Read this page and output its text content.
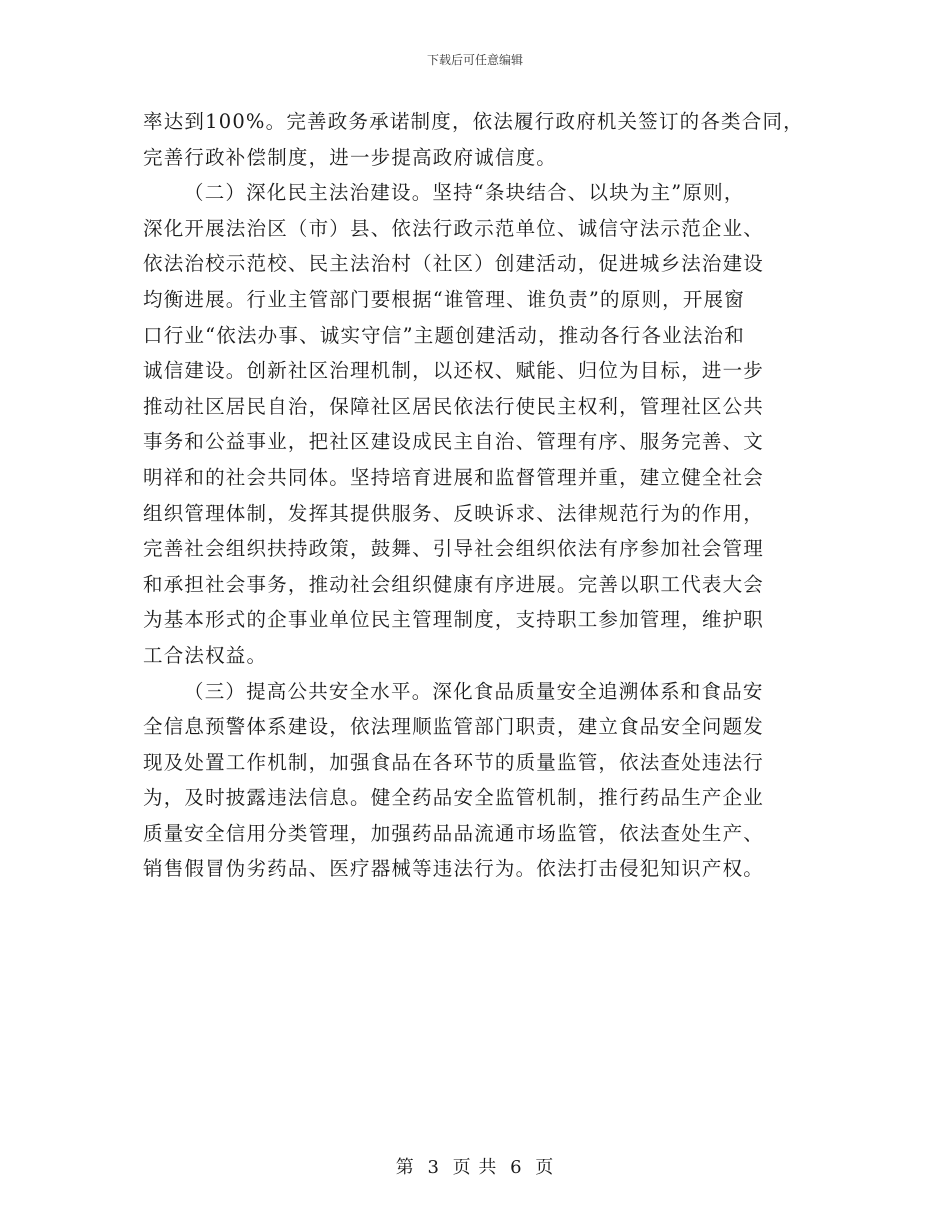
下载后可任意编辑
率达到100%。完善政务承诺制度，依法履行政府机关签订的各类合同，
完善行政补偿制度，进一步提高政府诚信度。
（二）深化民主法治建设。坚持“条块结合、以块为主”原则，
深化开展法治区（市）县、依法行政示范单位、诚信守法示范企业、
依法治校示范校、民主法治村（社区）创建活动，促进城乡法治建设
均衡进展。行业主管部门要根据“谁管理、谁负责”的原则，开展窗
口行业“依法办事、诚实守信”主题创建活动，推动各行各业法治和
诚信建设。创新社区治理机制，以还权、赋能、归位为目标，进一步
推动社区居民自治，保障社区居民依法行使民主权利，管理社区公共
事务和公益事业，把社区建设成民主自治、管理有序、服务完善、文
明祥和的社会共同体。坚持培育进展和监督管理并重，建立健全社会
组织管理体制，发挥其提供服务、反映诉求、法律规范行为的作用，
完善社会组织扶持政策，鼓舞、引导社会组织依法有序参加社会管理
和承担社会事务，推动社会组织健康有序进展。完善以职工代表大会
为基本形式的企事业单位民主管理制度，支持职工参加管理，维护职
工合法权益。
（三）提高公共安全水平。深化食品质量安全追溯体系和食品安
全信息预警体系建设，依法理顺监管部门职责，建立食品安全问题发
现及处置工作机制，加强食品在各环节的质量监管，依法查处违法行
为，及时披露违法信息。健全药品安全监管机制，推行药品生产企业
质量安全信用分类管理，加强药品品流通市场监管，依法查处生产、
销售假冒伪劣药品、医疗器械等违法行为。依法打击侵犯知识产权。
第 3 页 共 6 页
